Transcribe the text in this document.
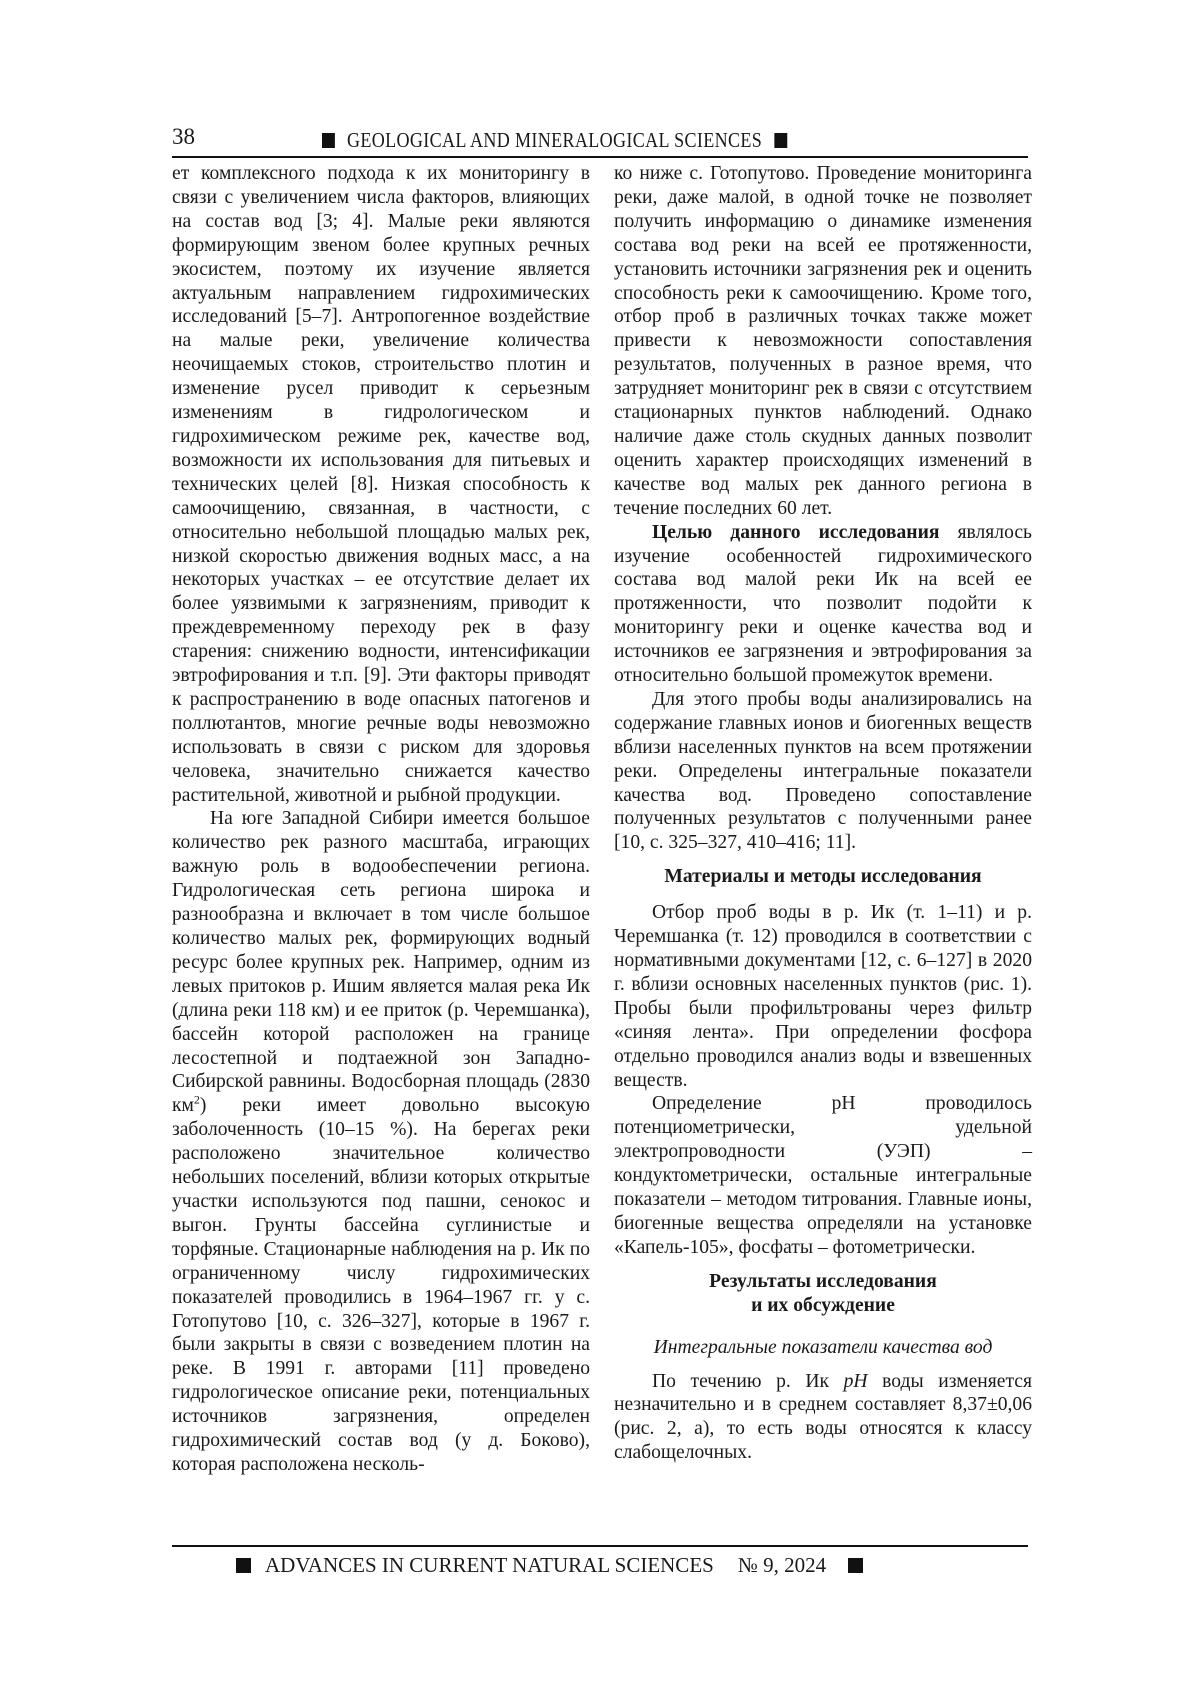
38	GEOLOGICAL AND MINERALOGICAL SCIENCES

ет комплексного подхода к их мониторингу в связи с увеличением числа факторов, влияющих на состав вод [3; 4]. Малые реки являются формирующим звеном более крупных речных экосистем, поэтому их изучение является актуальным направлением гидрохимических исследований [5–7]. Антропогенное воздействие на малые реки, увеличение количества неочищаемых стоков, строительство плотин и изменение русел приводит к серьезным изменениям в гидрологическом и гидрохимическом режиме рек, качестве вод, возможности их использования для питьевых и технических целей [8]. Низкая способность к самоочищению, связанная, в частности, с относительно небольшой площадью малых рек, низкой скоростью движения водных масс, а на некоторых участках – ее отсутствие делает их более уязвимыми к загрязнениям, приводит к преждевременному переходу рек в фазу старения: снижению водности, интенсификации эвтрофирования и т.п. [9]. Эти факторы приводят к распространению в воде опасных патогенов и поллютантов, многие речные воды невозможно использовать в связи с риском для здоровья человека, значительно снижается качество растительной, животной и рыбной продукции.

На юге Западной Сибири имеется большое количество рек разного масштаба, играющих важную роль в водообеспечении региона. Гидрологическая сеть региона широка и разнообразна и включает в том числе большое количество малых рек, формирующих водный ресурс более крупных рек. Например, одним из левых притоков р. Ишим является малая река Ик (длина реки 118 км) и ее приток (р. Черемшанка), бассейн которой расположен на границе лесостепной и подтаежной зон Западно-Сибирской равнины. Водосборная площадь (2830 $км^2$) реки имеет довольно высокую заболоченность (10–15 %). На берегах реки расположено значительное количество небольших поселений, вблизи которых открытые участки используются под пашни, сенокос и выгон. Грунты бассейна суглинистые и торфяные. Стационарные наблюдения на р. Ик по ограниченному числу гидрохимических показателей проводились в 1964–1967 гг. у с. Готопутово [10, с. 326–327], которые в 1967 г. были закрыты в связи с возведением плотин на реке. В 1991 г. авторами [11] проведено гидрологическое описание реки, потенциальных источников загрязнения, определен гидрохимический состав вод (у д. Боково), которая расположена несколь-

ко ниже с. Готопутово. Проведение мониторинга реки, даже малой, в одной точке не позволяет получить информацию о динамике изменения состава вод реки на всей ее протяженности, установить источники загрязнения рек и оценить способность реки к самоочищению. Кроме того, отбор проб в различных точках также может привести к невозможности сопоставления результатов, полученных в разное время, что затрудняет мониторинг рек в связи с отсутствием стационарных пунктов наблюдений. Однако наличие даже столь скудных данных позволит оценить характер происходящих изменений в качестве вод малых рек данного региона в течение последних 60 лет.

Целью данного исследования являлось изучение особенностей гидрохимического состава вод малой реки Ик на всей ее протяженности, что позволит подойти к мониторингу реки и оценке качества вод и источников ее загрязнения и эвтрофирования за относительно большой промежуток времени.

Для этого пробы воды анализировались на содержание главных ионов и биогенных веществ вблизи населенных пунктов на всем протяжении реки. Определены интегральные показатели качества вод. Проведено сопоставление полученных результатов с полученными ранее [10, с. 325–327, 410–416; 11].

Материалы и методы исследования

Отбор проб воды в р. Ик (т. 1–11) и р. Черемшанка (т. 12) проводился в соответствии с нормативными документами [12, с. 6–127] в 2020 г. вблизи основных населенных пунктов (рис. 1). Пробы были профильтрованы через фильтр «синяя лента». При определении фосфора отдельно проводился анализ воды и взвешенных веществ.

Определение pH проводилось потенциометрически, удельной электропроводности (УЭП) – кондуктометрически, остальные интегральные показатели – методом титрования. Главные ионы, биогенные вещества определяли на установке «Капель-105», фосфаты – фотометрически.

Результаты исследования
и их обсуждение
Интегральные показатели качества вод

По течению р. Ик pH воды изменяется незначительно и в среднем составляет 8,37±0,06 (рис. 2, а), то есть воды относятся к классу слабощелочных.

ADVANCES IN CURRENT NATURAL SCIENCES № 9, 2024
